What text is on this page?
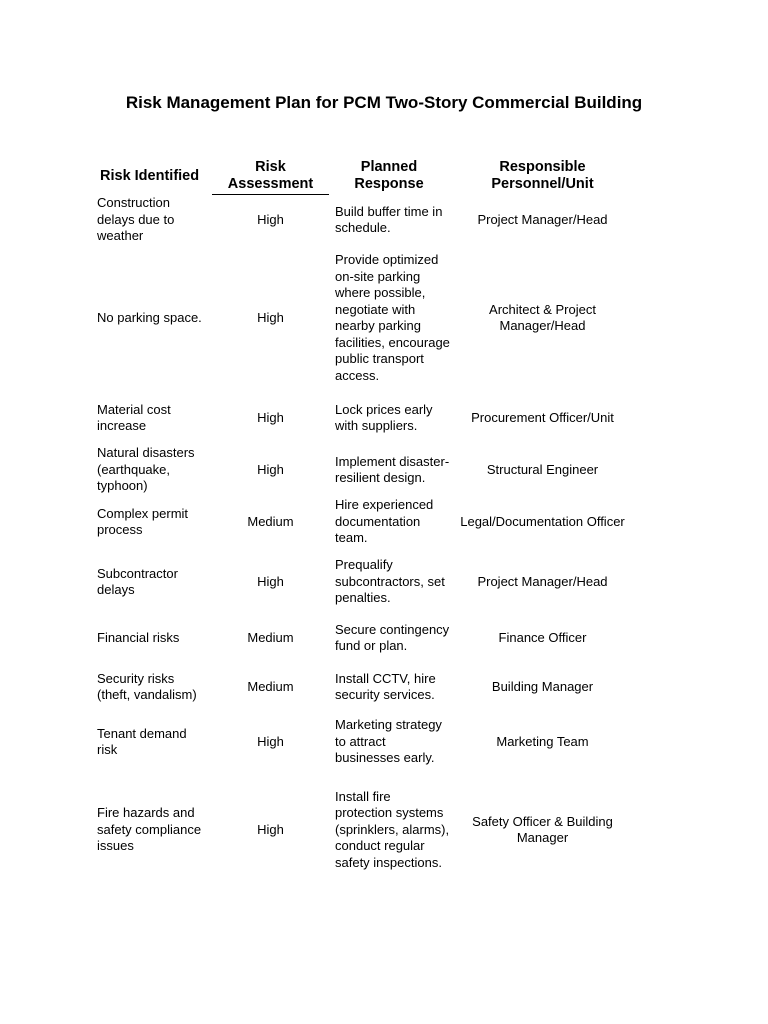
Risk Management Plan for PCM Two-Story Commercial Building
Risk Identified
Risk Assessment
Planned Response
Responsible Personnel/Unit
Construction delays due to weather
High
Build buffer time in schedule.
Project Manager/Head
No parking space.	High
Provide optimized on-site parking where possible, negotiate with nearby parking facilities, encourage public transport access.
Architect & Project Manager/Head
Material cost increase
High
Lock prices early with suppliers.
Procurement Officer/Unit
Natural disasters (earthquake, typhoon)
High
Implement disaster-resilient design.
Structural Engineer
Complex permit process
Medium
Hire experienced documentation team.
Legal/Documentation Officer
Subcontractor delays
High
Prequalify subcontractors, set penalties.
Project Manager/Head
Financial risks	Medium
Secure contingency fund or plan.
Finance Officer
Security risks (theft, vandalism)
Medium
Install CCTV, hire security services.
Building Manager
Tenant demand risk
High
Marketing strategy to attract businesses early.
Marketing Team
Fire hazards and safety compliance issues
High
Install fire protection systems (sprinklers, alarms), conduct regular safety inspections.
Safety Officer & Building Manager
